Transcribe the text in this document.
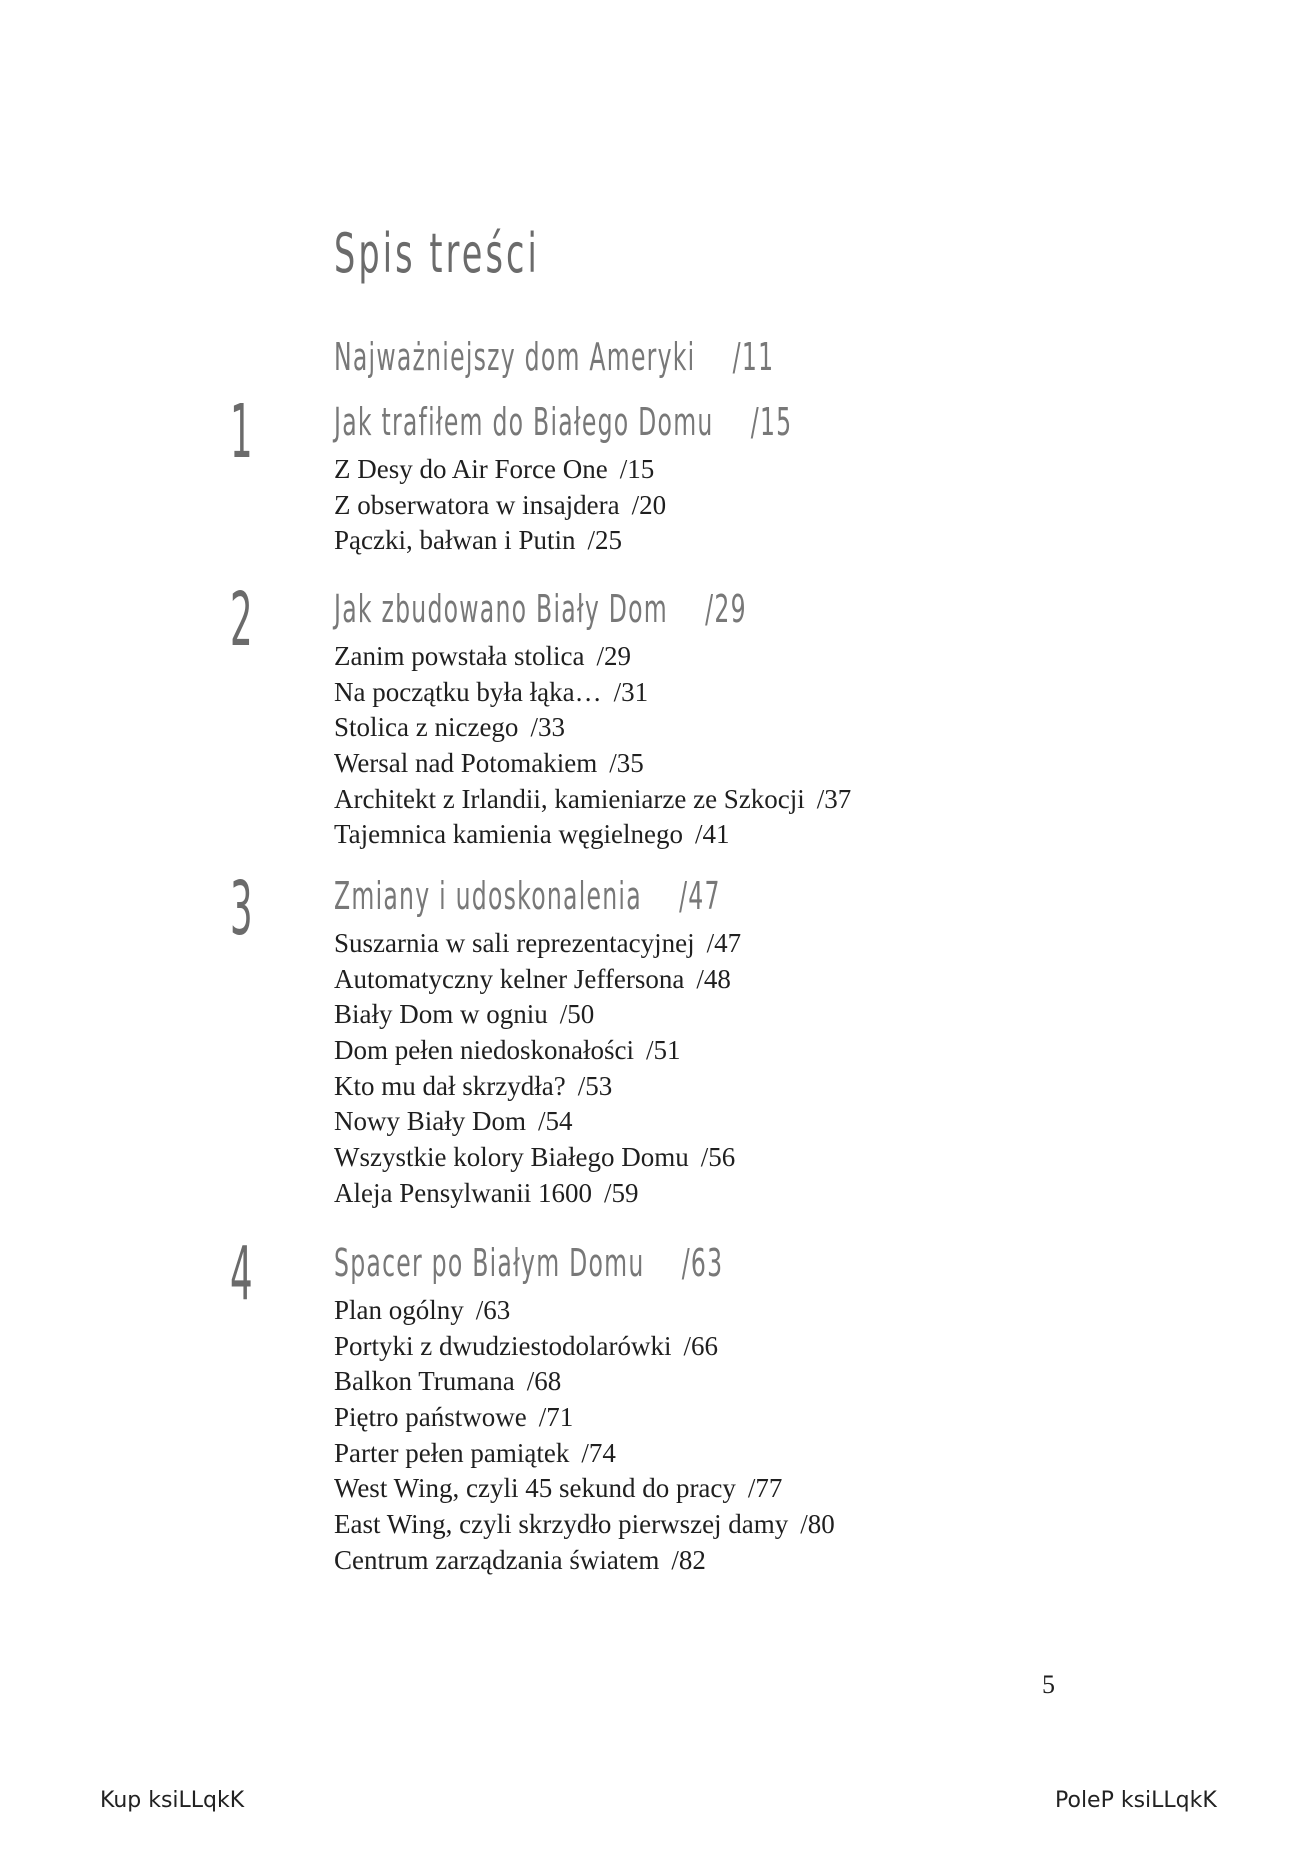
Spis treści
Najważniejszy dom Ameryki /11
1 Jak trafiłem do Białego Domu /15
Z Desy do Air Force One /15
Z obserwatora w insajdera /20
Pączki, bałwan i Putin /25
2 Jak zbudowano Biały Dom /29
Zanim powstała stolica /29
Na początku była łąka… /31
Stolica z niczego /33
Wersal nad Potomakiem /35
Architekt z Irlandii, kamieniarze ze Szkocji /37
Tajemnica kamienia węgielnego /41
3 Zmiany i udoskonalenia /47
Suszarnia w sali reprezentacyjnej /47
Automatyczny kelner Jeffersona /48
Biały Dom w ogniu /50
Dom pełen niedoskonałości /51
Kto mu dał skrzydła? /53
Nowy Biały Dom /54
Wszystkie kolory Białego Domu /56
Aleja Pensylwanii 1600 /59
4 Spacer po Białym Domu /63
Plan ogólny /63
Portyki z dwudziestodolarówki /66
Balkon Trumana /68
Piętro państwowe /71
Parter pełen pamiątek /74
West Wing, czyli 45 sekund do pracy /77
East Wing, czyli skrzydło pierwszej damy /80
Centrum zarządzania światem /82
5
Kup ksiLLqkK	PoleP ksiLLqkK
